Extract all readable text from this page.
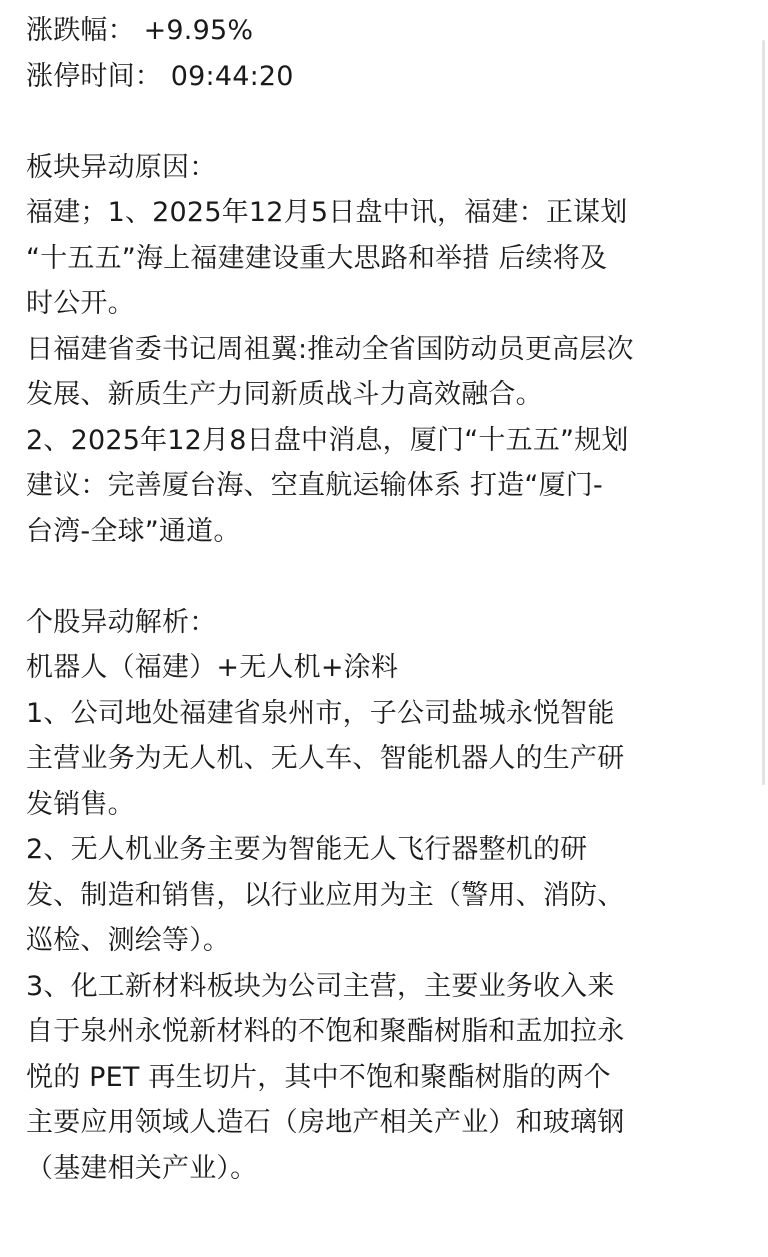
涨跌幅： +9.95%
涨停时间： 09:44:20
板块异动原因：
福建；1、2025年12月5日盘中讯，福建：正谋划
“十五五”海上福建建设重大思路和举措 后续将及
时公开。
日福建省委书记周祖翼:推动全省国防动员更高层次
发展、新质生产力同新质战斗力高效融合。
2、2025年12月8日盘中消息，厦门“十五五”规划
建议：完善厦台海、空直航运输体系 打造“厦门-
台湾-全球”通道。
个股异动解析：
机器人（福建）+无人机+涂料
1、公司地处福建省泉州市，子公司盐城永悦智能
主营业务为无人机、无人车、智能机器人的生产研
发销售。
2、无人机业务主要为智能无人飞行器整机的研
发、制造和销售，以行业应用为主（警用、消防、
巡检、测绘等）。
3、化工新材料板块为公司主营，主要业务收入来
自于泉州永悦新材料的不饱和聚酯树脂和盂加拉永
悦的 PET 再生切片，其中不饱和聚酯树脂的两个
主要应用领域人造石（房地产相关产业）和玻璃钢
（基建相关产业）。
